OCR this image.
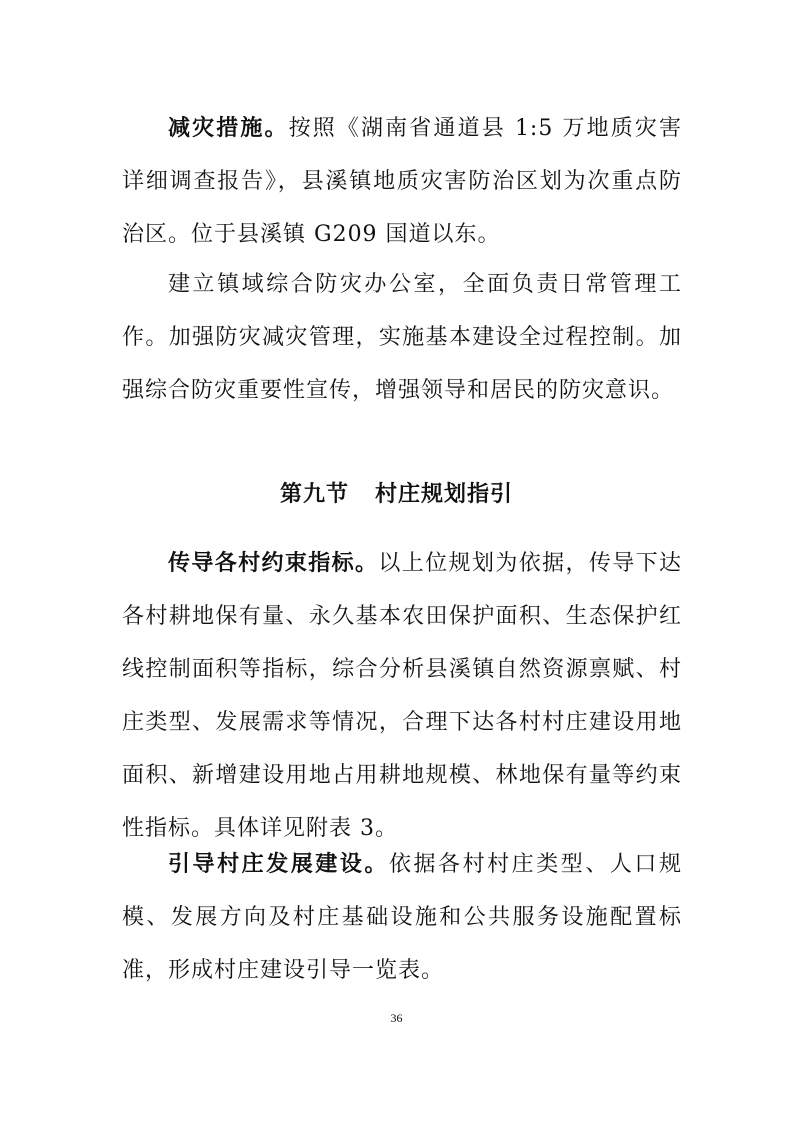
减灾措施。按照《湖南省通道县 1:5 万地质灾害详细调查报告》，县溪镇地质灾害防治区划为次重点防治区。位于县溪镇 G209 国道以东。

建立镇域综合防灾办公室，全面负责日常管理工作。加强防灾减灾管理，实施基本建设全过程控制。加强综合防灾重要性宣传，增强领导和居民的防灾意识。

第九节 村庄规划指引

传导各村约束指标。以上位规划为依据，传导下达各村耕地保有量、永久基本农田保护面积、生态保护红线控制面积等指标，综合分析县溪镇自然资源禀赋、村庄类型、发展需求等情况，合理下达各村村庄建设用地面积、新增建设用地占用耕地规模、林地保有量等约束性指标。具体详见附表 3。

引导村庄发展建设。依据各村村庄类型、人口规模、发展方向及村庄基础设施和公共服务设施配置标准，形成村庄建设引导一览表。

36
